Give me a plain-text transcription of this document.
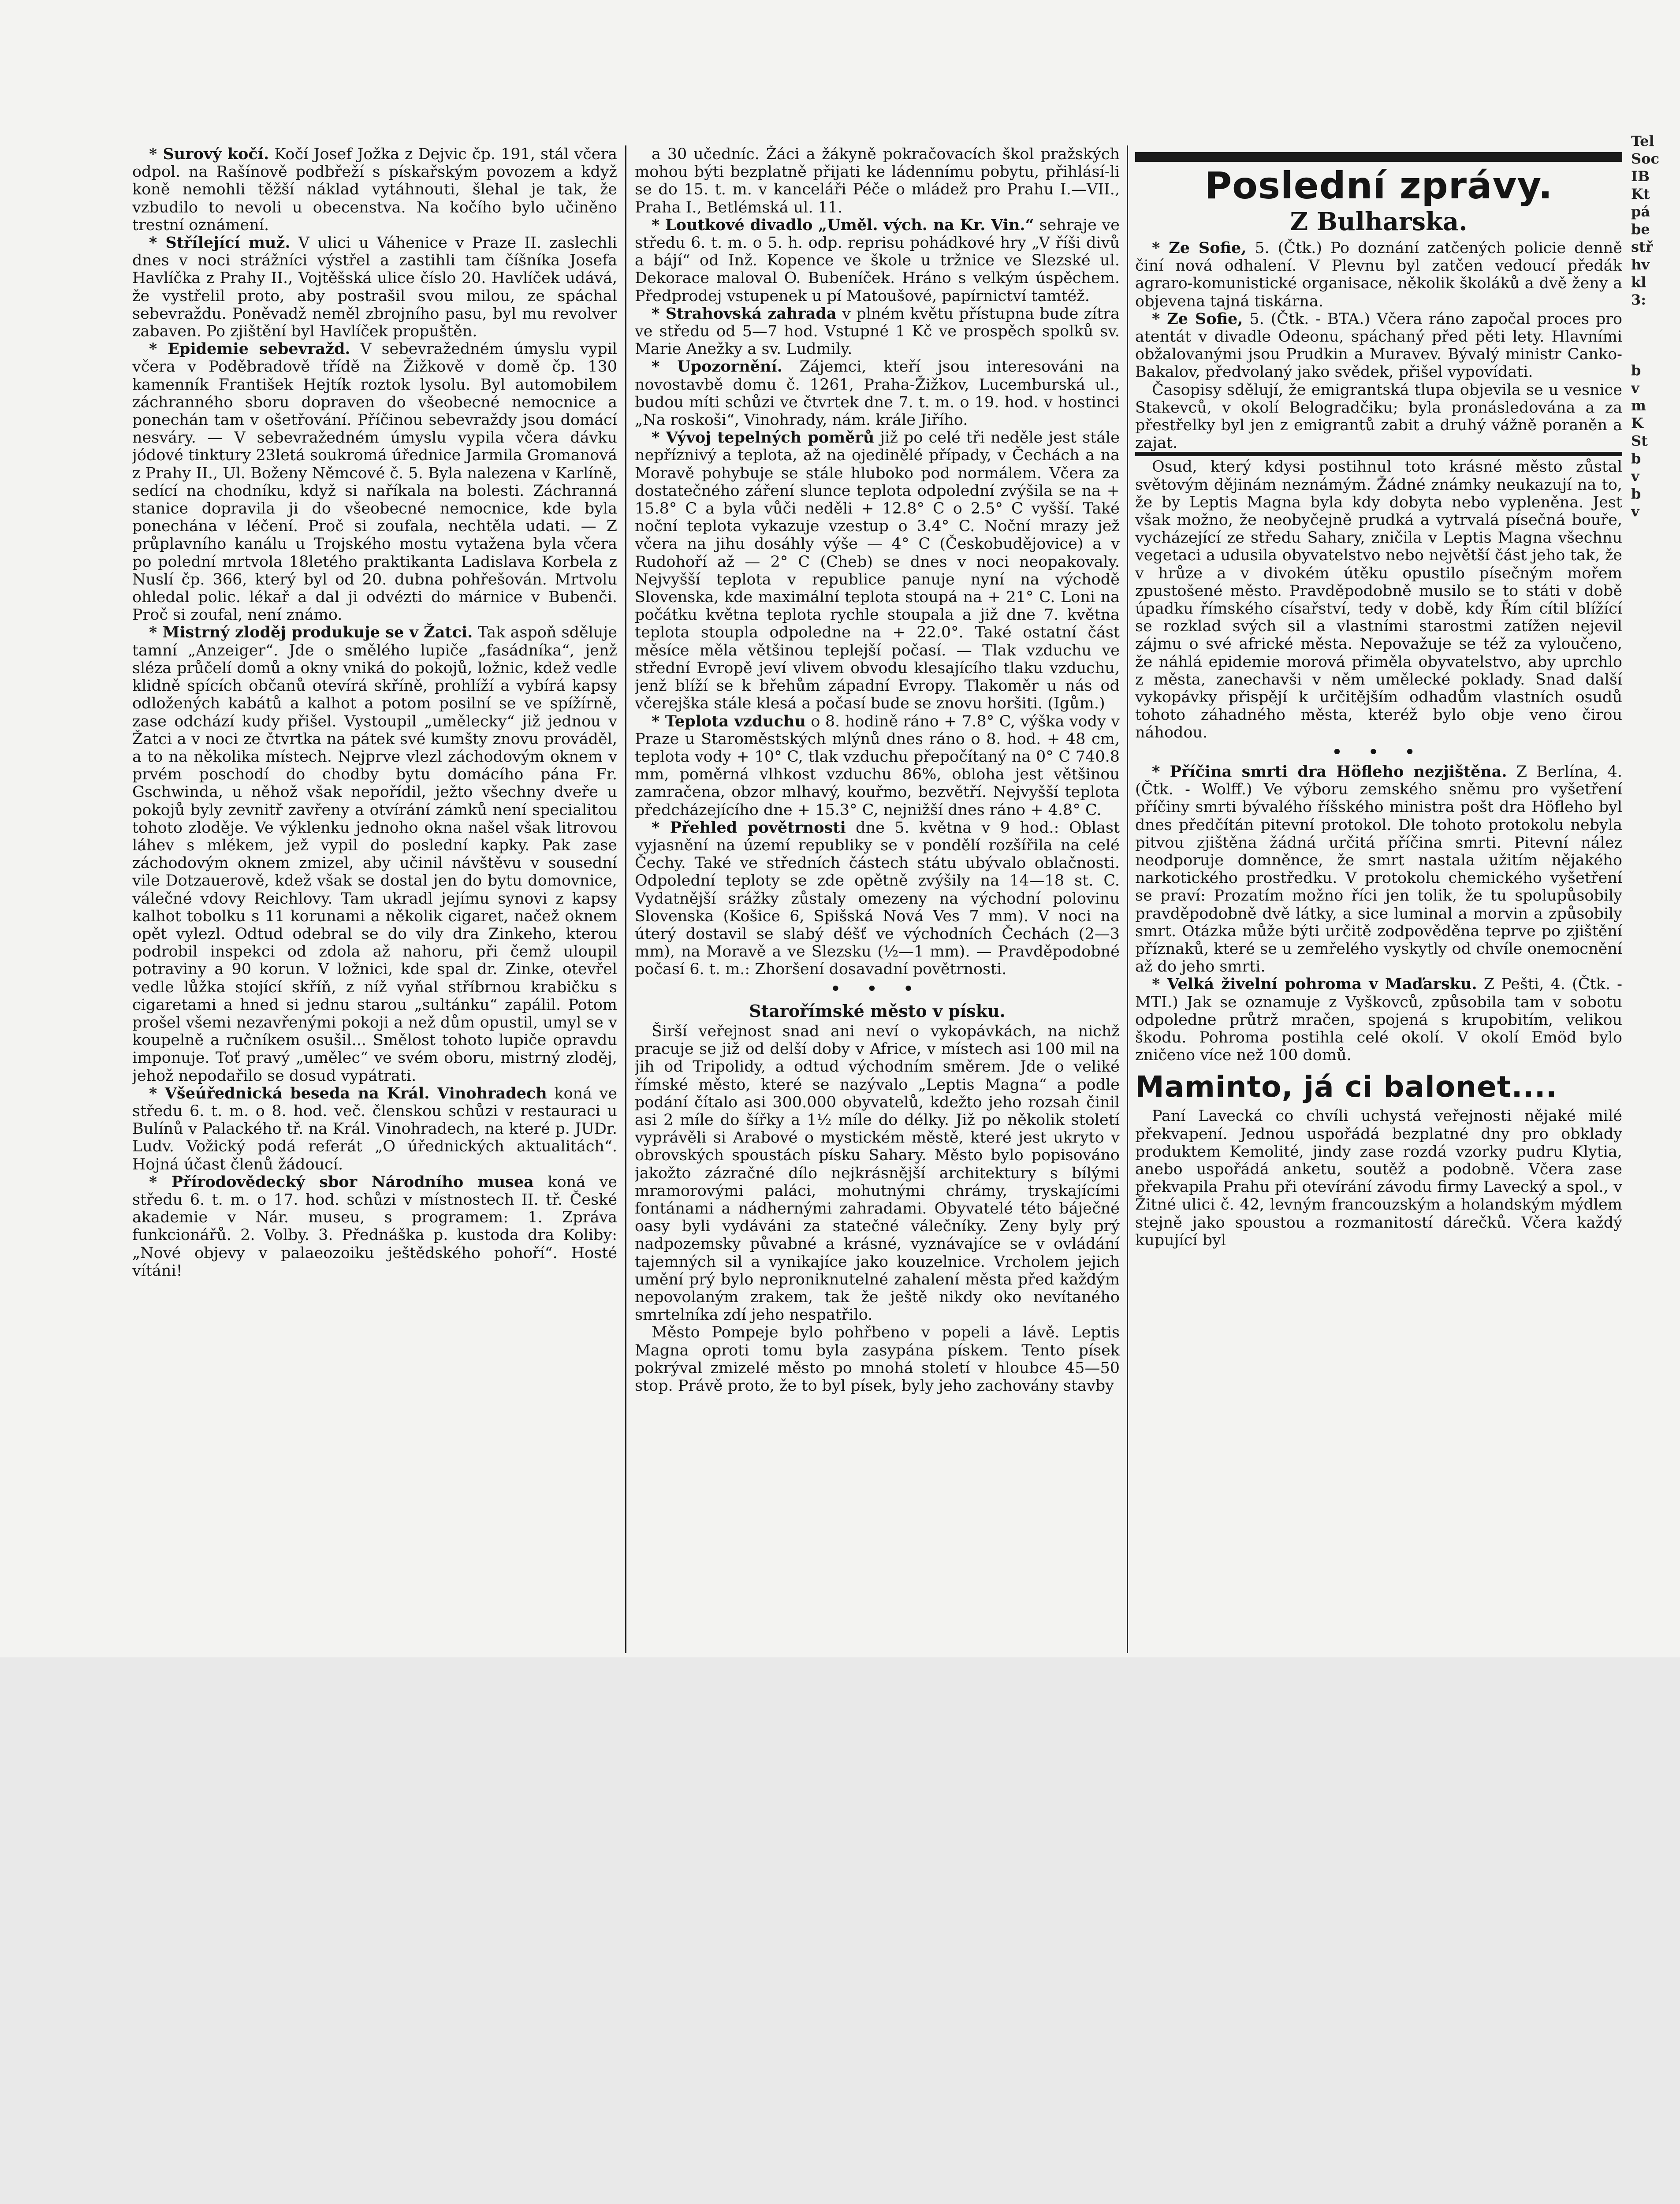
* Surový kočí. Kočí Josef Jožka z Dejvic čp. 191, stál včera odpol. na Rašínově podbřeží s pískařským povozem a když koně nemohli těžší náklad vytáhnouti, šlehal je tak, že vzbudilo to nevoli u obecenstva. Na kočího bylo učiněno trestní oznámení.

* Střílející muž. V ulici u Váhenice v Praze II. zaslechli dnes v noci strážníci výstřel a zastihli tam číšníka Josefa Havlíčka z Prahy II., Vojtěšská ulice číslo 20. Havlíček udává, že vystřelil proto, aby postrašil svou milou, ze spáchal sebevraždu. Poněvadž neměl zbrojního pasu, byl mu revolver zabaven. Po zjištění byl Havlíček propuštěn.

* Epidemie sebevražd. V sebevražedném úmyslu vypil včera v Poděbradově třídě na Žižkově v domě čp. 130 kamenník František Hejtík roztok lysolu. Byl automobilem záchranného sboru dopraven do všeobecné nemocnice a ponechán tam v ošetřování. Příčinou sebevraždy jsou domácí nesváry. — V sebevražedném úmyslu vypila včera dávku jódové tinktury 23letá soukromá úřednice Jarmila Gromanová z Prahy II., Ul. Boženy Němcové č. 5. Byla nalezena v Karlíně, sedící na chodníku, když si naříkala na bolesti. Záchranná stanice dopravila ji do všeobecné nemocnice, kde byla ponechána v léčení. Proč si zoufala, nechtěla udati. — Z průplavního kanálu u Trojského mostu vytažena byla včera po polední mrtvola 18letého praktikanta Ladislava Korbela z Nuslí čp. 366, který byl od 20. dubna pohřešován. Mrtvolu ohledal polic. lékař a dal ji odvézti do márnice v Bubenči. Proč si zoufal, není známo.

* Mistrný zloděj produkuje se v Žatci. Tak aspoň sděluje tamní „Anzeiger“. Jde o smělého lupiče „fasádníka“, jenž sléza průčelí domů a okny vniká do pokojů, ložnic, kdež vedle klidně spících občanů otevírá skříně, prohlíží a vybírá kapsy odložených kabátů a kalhot a potom posilní se ve spížírně, zase odchází kudy přišel. Vystoupil „umělecky“ již jednou v Žatci a v noci ze čtvrtka na pátek své kumšty znovu prováděl, a to na několika místech. Nejprve vlezl záchodovým oknem v prvém poschodí do chodby bytu domácího pána Fr. Gschwinda, u něhož však nepořídil, ježto všechny dveře u pokojů byly zevnitř zavřeny a otvírání zámků není specialitou tohoto zloděje. Ve výklenku jednoho okna našel však litrovou láhev s mlékem, jež vypil do poslední kapky. Pak zase záchodovým oknem zmizel, aby učinil návštěvu v sousední vile Dotzauerově, kdež však se dostal jen do bytu domovnice, válečné vdovy Reichlovy. Tam ukradl jejímu synovi z kapsy kalhot tobolku s 11 korunami a několik cigaret, načež oknem opět vylezl. Odtud odebral se do vily dra Zinkeho, kterou podrobil inspekci od zdola až nahoru, při čemž uloupil potraviny a 90 korun. V ložnici, kde spal dr. Zinke, otevřel vedle lůžka stojící skříň, z níž vyňal stříbrnou krabičku s cigaretami a hned si jednu starou „sultánku“ zapálil. Potom prošel všemi nezavřenými pokoji a než dům opustil, umyl se v koupelně a ručníkem osušil... Smělost tohoto lupiče opravdu imponuje. Toť pravý „umělec“ ve svém oboru, mistrný zloděj, jehož nepodařilo se dosud vypátrati.

* Všeúřednická beseda na Král. Vinohradech koná ve středu 6. t. m. o 8. hod. več. členskou schůzi v restauraci u Bulínů v Palackého tř. na Král. Vinohradech, na které p. JUDr. Ludv. Vožický podá referát „O úřednických aktualitách“. Hojná účast členů žádoucí.

* Přírodovědecký sbor Národního musea koná ve středu 6. t. m. o 17. hod. schůzi v místnostech II. tř. České akademie v Nár. museu, s programem: 1. Zpráva funkcionářů. 2. Volby. 3. Přednáška p. kustoda dra Koliby: „Nové objevy v palaeozoiku ještědského pohoří“. Hosté vítáni!

a 30 učedníc. Žáci a žákyně pokračovacích škol pražských mohou býti bezplatně přijati ke ládennímu pobytu, přihlásí-li se do 15. t. m. v kanceláři Péče o mládež pro Prahu I.—VII., Praha I., Betlémská ul. 11.

* Loutkové divadlo „Uměl. vých. na Kr. Vin.“ sehraje ve středu 6. t. m. o 5. h. odp. reprisu pohádkové hry „V říši divů a bájí“ od Inž. Kopence ve škole u tržnice ve Slezské ul. Dekorace maloval O. Bubeníček. Hráno s velkým úspěchem. Předprodej vstupenek u pí Matoušové, papírnictví tamtéž.

* Strahovská zahrada v plném květu přístupna bude zítra ve středu od 5—7 hod. Vstupné 1 Kč ve prospěch spolků sv. Marie Anežky a sv. Ludmily.

* Upozornění. Zájemci, kteří jsou interesováni na novostavbě domu č. 1261, Praha-Žižkov, Lucemburská ul., budou míti schůzi ve čtvrtek dne 7. t. m. o 19. hod. v hostinci „Na roskoši“, Vinohrady, nám. krále Jiřího.

* Vývoj tepelných poměrů již po celé tři neděle jest stále nepříznivý a teplota, až na ojedinělé případy, v Čechách a na Moravě pohybuje se stále hluboko pod normálem. Včera za dostatečného záření slunce teplota odpolední zvýšila se na + 15.8° C a byla vůči neděli + 12.8° C o 2.5° C vyšší. Také noční teplota vykazuje vzestup o 3.4° C. Noční mrazy jež včera na jihu dosáhly výše — 4° C (Českobudějovice) a v Rudohoří až — 2° C (Cheb) se dnes v noci neopakovaly. Nejvyšší teplota v republice panuje nyní na východě Slovenska, kde maximální teplota stoupá na + 21° C. Loni na počátku května teplota rychle stoupala a již dne 7. května teplota stoupla odpoledne na + 22.0°. Také ostatní část měsíce měla většinou teplejší počasí. — Tlak vzduchu ve střední Evropě jeví vlivem obvodu klesajícího tlaku vzduchu, jenž blíží se k břehům západní Evropy. Tlakoměr u nás od včerejška stále klesá a počasí bude se znovu horšiti. (Igům.)

* Teplota vzduchu o 8. hodině ráno + 7.8° C, výška vody v Praze u Staroměstských mlýnů dnes ráno o 8. hod. + 48 cm, teplota vody + 10° C, tlak vzduchu přepočítaný na 0° C 740.8 mm, poměrná vlhkost vzduchu 86%, obloha jest většinou zamračena, obzor mlhavý, kouřmo, bezvětří. Nejvyšší teplota předcházejícího dne + 15.3° C, nejnižší dnes ráno + 4.8° C.

* Přehled povětrnosti dne 5. května v 9 hod.: Oblast vyjasnění na území republiky se v pondělí rozšířila na celé Čechy. Také ve středních částech státu ubývalo oblačnosti. Odpolední teploty se zde opětně zvýšily na 14—18 st. C. Vydatnější srážky zůstaly omezeny na východní polovinu Slovenska (Košice 6, Spišská Nová Ves 7 mm). V noci na úterý dostavil se slabý déšť ve východních Čechách (2—3 mm), na Moravě a ve Slezsku (½—1 mm). — Pravděpodobné počasí 6. t. m.: Zhoršení dosavadní povětrnosti.

• • •
Starořímské město v písku.

Širší veřejnost snad ani neví o vykopávkách, na nichž pracuje se již od delší doby v Africe, v místech asi 100 mil na jih od Tripolidy, a odtud východním směrem. Jde o veliké římské město, které se nazývalo „Leptis Magna“ a podle podání čítalo asi 300.000 obyvatelů, kdežto jeho rozsah činil asi 2 míle do šířky a 1½ míle do délky. Již po několik století vyprávěli si Arabové o mystickém městě, které jest ukryto v obrovských spoustách písku Sahary. Město bylo popisováno jakožto zázračné dílo nejkrásnější architektury s bílými mramorovými paláci, mohutnými chrámy, tryskajícími fontánami a nádhernými zahradami. Obyvatelé této báječné oasy byli vydáváni za statečné válečníky. Zeny byly prý nadpozemsky půvabné a krásné, vyznávajíce se v ovládání tajemných sil a vynikajíce jako kouzelnice. Vrcholem jejich umění prý bylo neproniknutelné zahalení města před každým nepovolaným zrakem, tak že ještě nikdy oko nevítaného smrtelníka zdí jeho nespatřilo.

Město Pompeje bylo pohřbeno v popeli a lávě. Leptis Magna oproti tomu byla zasypána pískem. Tento písek pokrýval zmizelé město po mnohá století v hloubce 45—50 stop. Právě proto, že to byl písek, byly jeho zachovány stavby

Poslední zprávy.
Z Bulharska.

* Ze Sofie, 5. (Čtk.) Po doznání zatčených policie denně činí nová odhalení. V Plevnu byl zatčen vedoucí předák agraro-komunistické organisace, několik školáků a dvě ženy a objevena tajná tiskárna.

* Ze Sofie, 5. (Čtk. - BTA.) Včera ráno započal proces pro atentát v divadle Odeonu, spáchaný před pěti lety. Hlavními obžalovanými jsou Prudkin a Muravev. Bývalý ministr Canko-Bakalov, předvolaný jako svědek, přišel vypovídati.

Časopisy sdělují, že emigrantská tlupa objevila se u vesnice Stakevců, v okolí Belogradčiku; byla pronásledována a za přestřelky byl jen z emigrantů zabit a druhý vážně poraněn a zajat.

Osud, který kdysi postihnul toto krásné město zůstal světovým dějinám neznámým. Žádné známky neukazují na to, že by Leptis Magna byla kdy dobyta nebo vypleněna. Jest však možno, že neobyčejně prudká a vytrvalá písečná bouře, vycházející ze středu Sahary, zničila v Leptis Magna všechnu vegetaci a udusila obyvatelstvo nebo největší část jeho tak, že v hrůze a v divokém útěku opustilo písečným mořem zpustošené město. Pravděpodobně musilo se to státi v době úpadku římského císařství, tedy v době, kdy Řím cítil blížící se rozklad svých sil a vlastními starostmi zatížen nejevil zájmu o své africké města. Nepovažuje se též za vyloučeno, že náhlá epidemie morová přiměla obyvatelstvo, aby uprchlo z města, zanechavši v něm umělecké poklady. Snad další vykopávky přispějí k určitějším odhadům vlastních osudů tohoto záhadného města, kteréž bylo obje veno čirou náhodou.

• • •

* Příčina smrti dra Höfleho nezjištěna. Z Berlína, 4. (Čtk. - Wolff.) Ve výboru zemského sněmu pro vyšetření příčiny smrti bývalého říšského ministra pošt dra Höfleho byl dnes předčítán pitevní protokol. Dle tohoto protokolu nebyla pitvou zjištěna žádná určitá příčina smrti. Pitevní nález neodporuje domněnce, že smrt nastala užitím nějakého narkotického prostředku. V protokolu chemického vyšetření se praví: Prozatím možno říci jen tolik, že tu spolupůsobily pravděpodobně dvě látky, a sice luminal a morvin a způsobily smrt. Otázka může býti určitě zodpověděna teprve po zjištění příznaků, které se u zemřelého vyskytly od chvíle onemocnění až do jeho smrti.

* Velká živelní pohroma v Maďarsku. Z Pešti, 4. (Čtk. - MTI.) Jak se oznamuje z Vyškovců, způsobila tam v sobotu odpoledne průtrž mračen, spojená s krupobitím, velikou škodu. Pohroma postihla celé okolí. V okolí Emöd bylo zničeno více než 100 domů.

Mamintо, já ci balonet....

Paní Lavecká co chvíli uchystá veřejnosti nějaké milé překvapení. Jednou uspořádá bezplatné dny pro obklady produktem Kemolité, jindy zase rozdá vzorky pudru Klytia, anebo uspořádá anketu, soutěž a podobně. Včera zase překvapila Prahu při otevírání závodu firmy Lavecký a spol., v Žitné ulici č. 42, levným francouzským a holandským mýdlem stejně jako spoustou a rozmanitostí dárečků. Včera každý kupující byl

Tel
Soc
IB
Kt
pá
be
stř
hv
kl
3:
b
v
m
K
St
b
v
b
v
